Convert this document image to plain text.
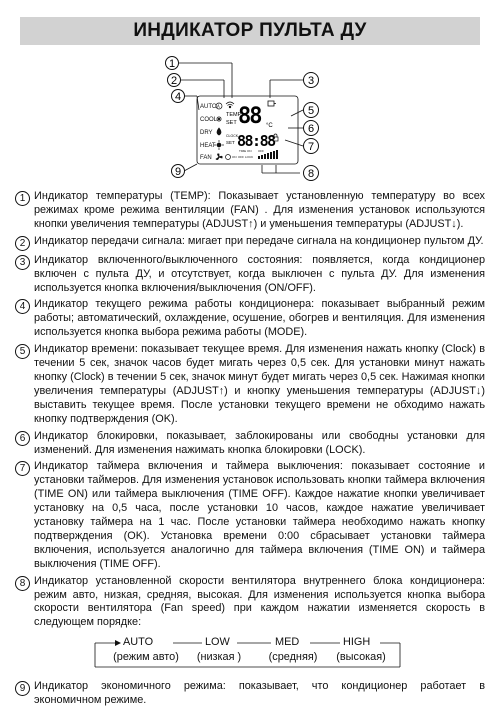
ИНДИКАТОР ПУЛЬТА ДУ
1
2
4
3
5
6
7
9	8
AUTO
COOL
DRY
HEAT
FAN
A
TEMP
SET 88 °C
CLOCK
SET 88:88
TIME ON OFF
ON OFF LOCK
1 Индикатор температуры (TEMP): Показывает установленную температуру во всех режимах кроме режима вентиляции (FAN) . Для изменения установок используются кнопки увеличения температуры (ADJUST↑) и уменьшения температуры (ADJUST↓).
2 Индикатор передачи сигнала: мигает при передаче сигнала на кондиционер пультом ДУ.
3 Индикатор включенного/выключенного состояния: появляется, когда кондиционер включен с пульта ДУ, и отсутствует, когда выключен с пульта ДУ. Для изменения используется кнопка включения/выключения (ON/OFF).
4 Индикатор текущего режима работы кондиционера: показывает выбранный режим работы; автоматический, охлаждение, осушение, обогрев и вентиляция. Для изменения используется кнопка выбора режима работы (MODE).
5 Индикатор времени: показывает текущее время. Для изменения нажать кнопку (Clock) в течении 5 сек, значок часов будет мигать через 0,5 сек. Для установки минут нажать кнопку (Clock) в течении 5 сек, значок минут будет мигать через 0,5 сек. Нажимая кнопки увеличения температуры (ADJUST↑) и кнопку уменьшения температуры (ADJUST↓) выставить текущее время. После установки текущего времени не обходимо нажать кнопку подтверждения (OK).
6 Индикатор блокировки, показывает, заблокированы или свободны установки для изменений. Для изменения нажимать кнопка блокировки (LOCK).
7 Индикатор таймера включения и таймера выключения: показывает состояние и установки таймеров. Для изменения установок использовать кнопки таймера включения (TIME ON) или таймера выключения (TIME OFF). Каждое нажатие кнопки увеличивает установку на 0,5 часа, после установки 10 часов, каждое нажатие увеличивает установку таймера на 1 час. После установки таймера необходимо нажать кнопку подтверждения (OK). Установка времени 0:00 сбрасывает установки таймера включения, используется аналогично для таймера включения (TIME ON) и таймера выключения (TIME OFF).
8 Индикатор установленной скорости вентилятора внутреннего блока кондиционера: режим авто, низкая, средняя, высокая. Для изменения используется кнопка выбора скорости вентилятора (Fan speed) при каждом нажатии изменяется скорость в следующем порядке:
AUTO
(режим авто)
LOW
(низкая )
MED
(средняя)
HIGH
(высокая)
9 Индикатор экономичного режима: показывает, что кондиционер работает в экономичном режиме.
